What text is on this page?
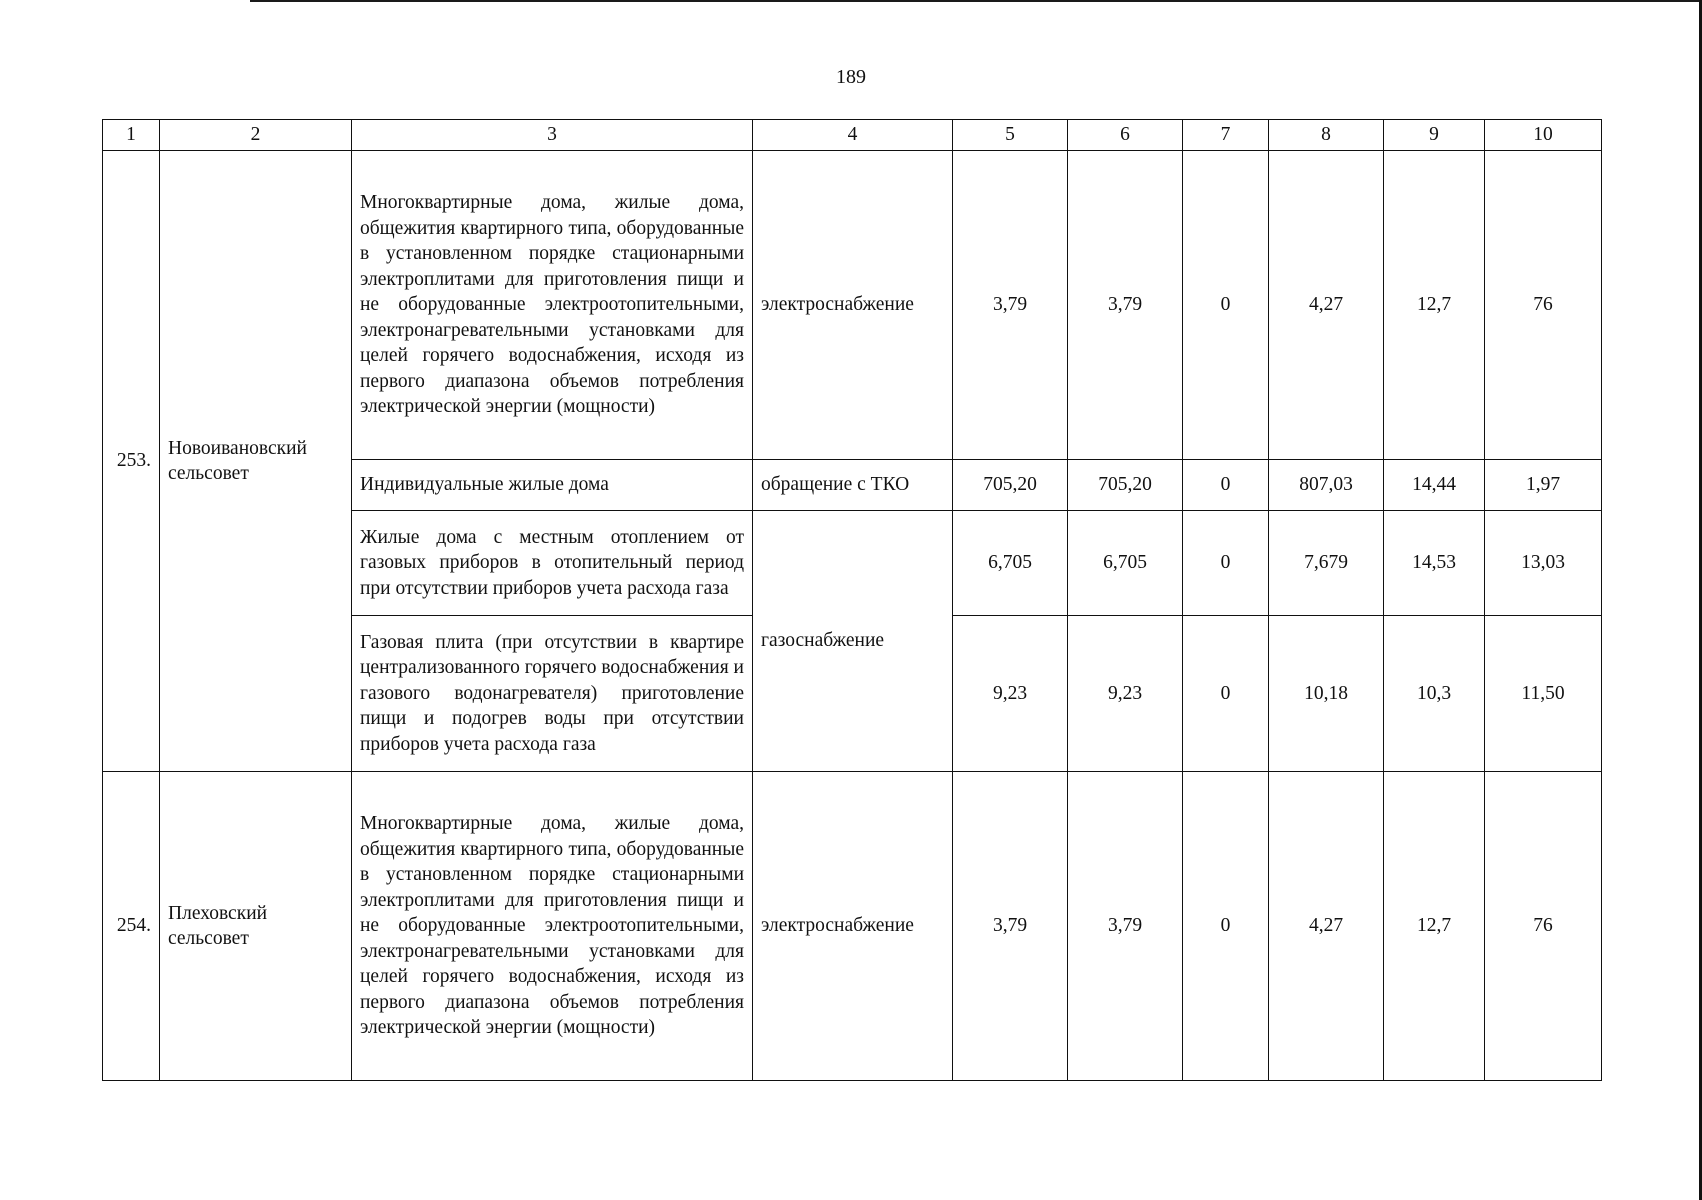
189
1	2	3	4	5	6	7	8	9	10
253.	Новоивановский сельсовет	Многоквартирные дома, жилые дома, общежития квартирного типа, оборудованные в установленном порядке стационарными электроплитами для приготовления пищи и не оборудованные электроотопительными, электронагревательными установками для целей горячего водоснабжения, исходя из первого диапазона объемов потребления электрической энергии (мощности)	электроснабжение	3,79	3,79	0	4,27	12,7	76
		Индивидуальные жилые дома	обращение с ТКО	705,20	705,20	0	807,03	14,44	1,97
		Жилые дома с местным отоплением от газовых приборов в отопительный период при отсутствии приборов учета расхода газа	газоснабжение	6,705	6,705	0	7,679	14,53	13,03
		Газовая плита (при отсутствии в квартире централизованного горячего водоснабжения и газового водонагревателя) приготовление пищи и подогрев воды при отсутствии приборов учета расхода газа		9,23	9,23	0	10,18	10,3	11,50
254.	Плеховский сельсовет	Многоквартирные дома, жилые дома, общежития квартирного типа, оборудованные в установленном порядке стационарными электроплитами для приготовления пищи и не оборудованные электроотопительными, электронагревательными установками для целей горячего водоснабжения, исходя из первого диапазона объемов потребления электрической энергии (мощности)	электроснабжение	3,79	3,79	0	4,27	12,7	76
